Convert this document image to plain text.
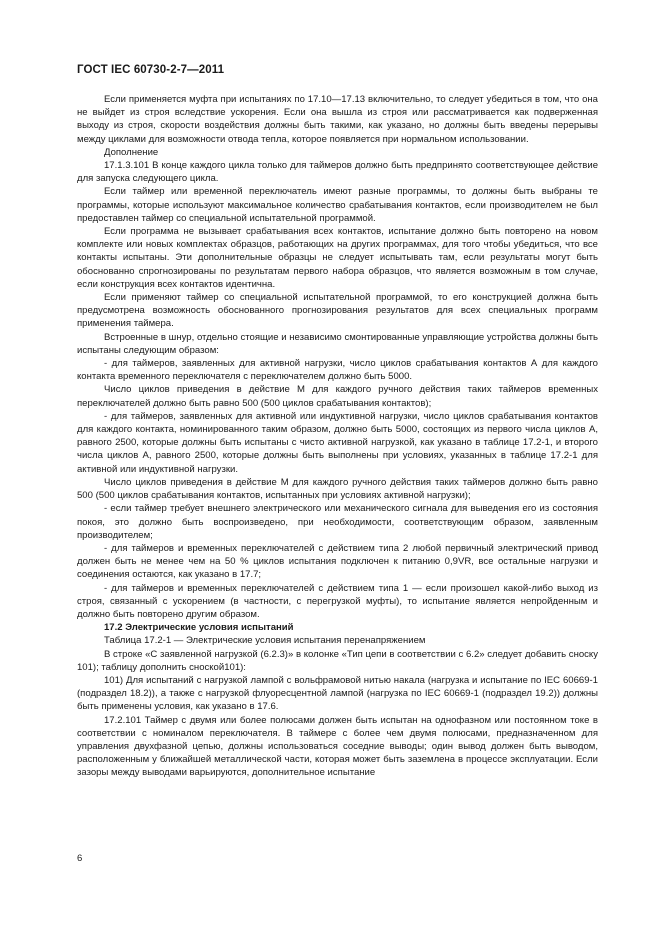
ГОСТ IEC 60730-2-7—2011

Если применяется муфта при испытаниях по 17.10—17.13 включительно, то следует убедиться в том, что она не выйдет из строя вследствие ускорения. Если она вышла из строя или рассматривается как подверженная выходу из строя, скорости воздействия должны быть такими, как указано, но должны быть введены перерывы между циклами для возможности отвода тепла, которое появляется при нормальном использовании.

Дополнение

17.1.3.101 В конце каждого цикла только для таймеров должно быть предпринято соответствующее действие для запуска следующего цикла.

Если таймер или временной переключатель имеют разные программы, то должны быть выбраны те программы, которые используют максимальное количество срабатывания контактов, если производителем не был предоставлен таймер со специальной испытательной программой.

Если программа не вызывает срабатывания всех контактов, испытание должно быть повторено на новом комплекте или новых комплектах образцов, работающих на других программах, для того чтобы убедиться, что все контакты испытаны. Эти дополнительные образцы не следует испытывать там, если результаты могут быть обоснованно спрогнозированы по результатам первого набора образцов, что является возможным в том случае, если конструкция всех контактов идентична.

Если применяют таймер со специальной испытательной программой, то его конструкцией должна быть предусмотрена возможность обоснованного прогнозирования результатов для всех специальных программ применения таймера.

Встроенные в шнур, отдельно стоящие и независимо смонтированные управляющие устройства должны быть испытаны следующим образом:

- для таймеров, заявленных для активной нагрузки, число циклов срабатывания контактов А для каждого контакта временного переключателя с переключателем должно быть 5000.

Число циклов приведения в действие М для каждого ручного действия таких таймеров временных переключателей должно быть равно 500 (500 циклов срабатывания контактов);

- для таймеров, заявленных для активной или индуктивной нагрузки, число циклов срабатывания контактов для каждого контакта, номинированного таким образом, должно быть 5000, состоящих из первого числа циклов А, равного 2500, которые должны быть испытаны с чисто активной нагрузкой, как указано в таблице 17.2-1, и второго числа циклов А, равного 2500, которые должны быть выполнены при условиях, указанных в таблице 17.2-1 для активной или индуктивной нагрузки.

Число циклов приведения в действие М для каждого ручного действия таких таймеров должно быть равно 500 (500 циклов срабатывания контактов, испытанных при условиях активной нагрузки);

- если таймер требует внешнего электрического или механического сигнала для выведения его из состояния покоя, это должно быть воспроизведено, при необходимости, соответствующим образом, заявленным производителем;

- для таймеров и временных переключателей с действием типа 2 любой первичный электрический привод должен быть не менее чем на 50 % циклов испытания подключен к питанию 0,9VR, все остальные нагрузки и соединения остаются, как указано в 17.7;

- для таймеров и временных переключателей с действием типа 1 — если произошел какой-либо выход из строя, связанный с ускорением (в частности, с перегрузкой муфты), то испытание является непройденным и должно быть повторено другим образом.

17.2 Электрические условия испытаний

Таблица 17.2-1 — Электрические условия испытания перенапряжением

В строке «С заявленной нагрузкой (6.2.3)» в колонке «Тип цепи в соответствии с 6.2» следует добавить сноску 101); таблицу дополнить сноской101):

101) Для испытаний с нагрузкой лампой с вольфрамовой нитью накала (нагрузка и испытание по IEC 60669-1 (подраздел 18.2)), а также с нагрузкой флуоресцентной лампой (нагрузка по IEC 60669-1 (подраздел 19.2)) должны быть применены условия, как указано в 17.6.

17.2.101 Таймер с двумя или более полюсами должен быть испытан на однофазном или постоянном токе в соответствии с номиналом переключателя. В таймере с более чем двумя полюсами, предназначенном для управления двухфазной цепью, должны использоваться соседние выводы; один вывод должен быть выводом, расположенным у ближайшей металлической части, которая может быть заземлена в процессе эксплуатации. Если зазоры между выводами варьируются, дополнительное испытание

6
